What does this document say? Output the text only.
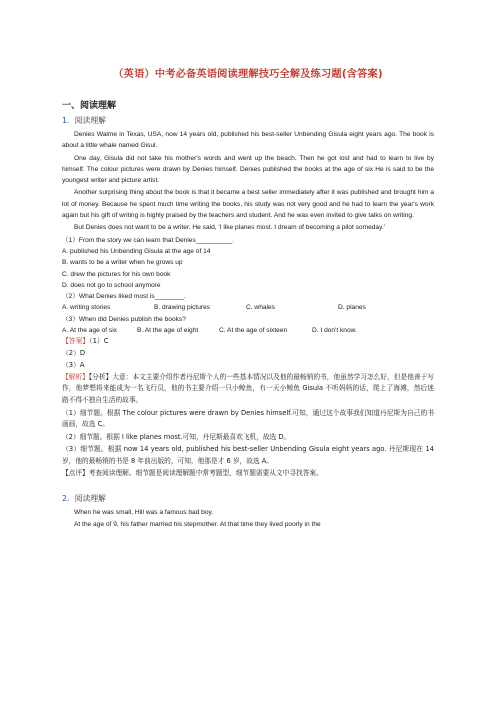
（英语）中考必备英语阅读理解技巧全解及练习题(含答案)
一、阅读理解
1．阅读理解

Denies Walme in Texas, USA, now 14 years old, published his best-seller Unbending Gisula eight years ago. The book is about a little whale named Gisul.

One day, Gisula did not take his mother's words and went up the beach. Then he got lost and had to learn to live by himself. The colour pictures were drawn by Denies himself. Denies published the books at the age of six He is said to be the youngest writer and picture artist.

Another surprising thing about the book is that it became a best seller immediately after it was published and brought him a lot of money. Because he spent much time writing the books, his study was not very good and he had to learn the year's work again but his gift of writing is highly praised by the teachers and student. And he was even invited to give talks on writing.

But Denies does not want to be a writer. He said, 'I like planes most. I dream of becoming a pilot someday.'

（1）From the story we can learn that Denies__________.
A. published his Unbending Gisula at the age of 14
B. wants to be a writer when he grows up
C. drew the pictures for his own book
D. does not go to school anymore
（2）What Denies liked most is________.
A. writing stories	B. drawing pictures	C. whales	D. planes
（3）When did Denies publish the books?
A. At the age of six	B. At the age of eight	C. At the age of sixteen	D. I don't know.
【答案】（1）C
（2）D
（3）A

【解析】【分析】大意：本文主要介绍作者丹尼斯个人的一些基本情况以及他的最畅销的书，他虽然学习怎么好，但是他善于写作，他梦想将来能成为一名飞行员，他的书主要介绍一只小鲸鱼，有一天小鲸鱼 Gisula 不听妈妈的话，爬上了海滩，然后迷路不得不独自生活的故事。

（1）细节题。根据 The colour pictures were drawn by Denies himself.可知，通过这个故事我们知道丹尼斯为自己的书画画，故选 C。

（2）细节题。根据 I like planes most.可知，丹尼斯最喜欢飞机，故选 D。

（3）细节题。根据 now 14 years old, published his best-seller Unbending Gisula eight years ago. 丹尼斯现在 14 岁，他的最畅销的书是 8 年前出版的，可知，他那是才 6 岁，故选 A。

【点评】考查阅读理解。细节题是阅读理解题中常考题型，细节题需要从文中寻找答案。

2．阅读理解

When he was small, Hill was a famous bad boy.

At the age of 9, his father married his stepmother. At that time they lived poorly in the
